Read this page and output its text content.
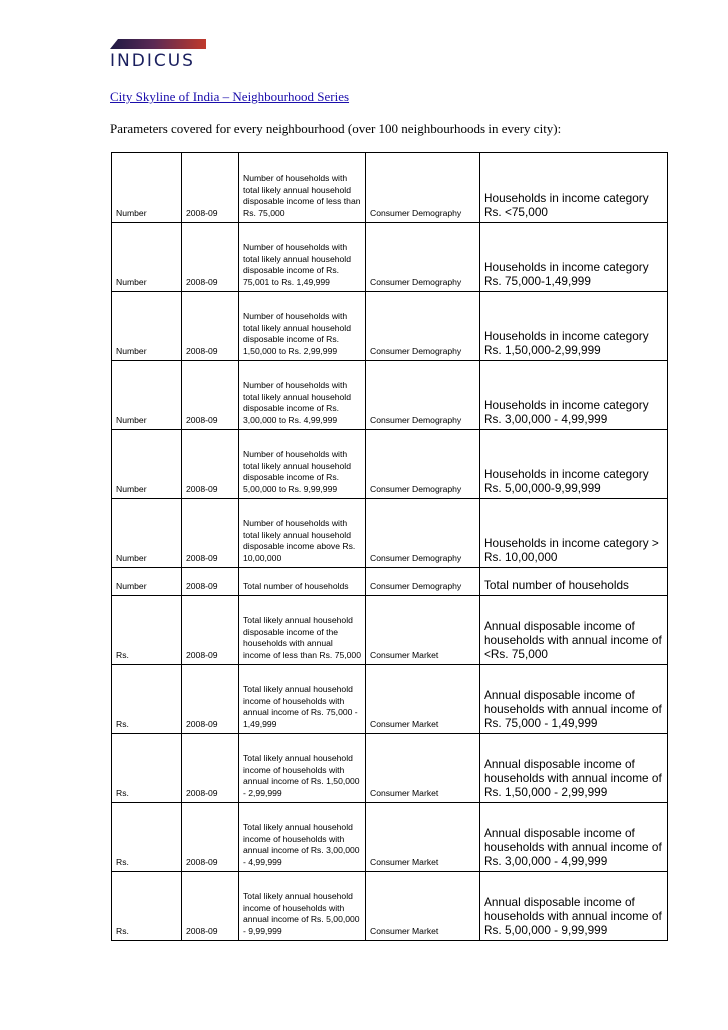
INDICUS
City Skyline of India – Neighbourhood Series
Parameters covered for every neighbourhood (over 100 neighbourhoods in every city):
Number	2008-09	Number of households with total likely annual household disposable income of less than Rs. 75,000	Consumer Demography	Households in income category Rs. <75,000
Number	2008-09	Number of households with total likely annual household disposable income of Rs. 75,001 to Rs. 1,49,999	Consumer Demography	Households in income category Rs. 75,000-1,49,999
Number	2008-09	Number of households with total likely annual household disposable income of Rs. 1,50,000 to Rs. 2,99,999	Consumer Demography	Households in income category Rs. 1,50,000-2,99,999
Number	2008-09	Number of households with total likely annual household disposable income of Rs. 3,00,000 to Rs. 4,99,999	Consumer Demography	Households in income category Rs. 3,00,000 - 4,99,999
Number	2008-09	Number of households with total likely annual household disposable income of Rs. 5,00,000 to Rs. 9,99,999	Consumer Demography	Households in income category Rs. 5,00,000-9,99,999
Number	2008-09	Number of households with total likely annual household disposable income above Rs. 10,00,000	Consumer Demography	Households in income category > Rs. 10,00,000
Number	2008-09	Total number of households	Consumer Demography	Total number of households
Rs.	2008-09	Total likely annual household disposable income of the households with annual income of less than Rs. 75,000	Consumer Market	Annual disposable income of households with annual income of <Rs. 75,000
Rs.	2008-09	Total likely annual household income of households with annual income of Rs. 75,000 - 1,49,999	Consumer Market	Annual disposable income of households with annual income of Rs. 75,000 - 1,49,999
Rs.	2008-09	Total likely annual household income of households with annual income of Rs. 1,50,000 - 2,99,999	Consumer Market	Annual disposable income of households with annual income of Rs. 1,50,000 - 2,99,999
Rs.	2008-09	Total likely annual household income of households with annual income of Rs. 3,00,000 - 4,99,999	Consumer Market	Annual disposable income of households with annual income of Rs. 3,00,000 - 4,99,999
Rs.	2008-09	Total likely annual household income of households with annual income of Rs. 5,00,000 - 9,99,999	Consumer Market	Annual disposable income of households with annual income of Rs. 5,00,000 - 9,99,999
